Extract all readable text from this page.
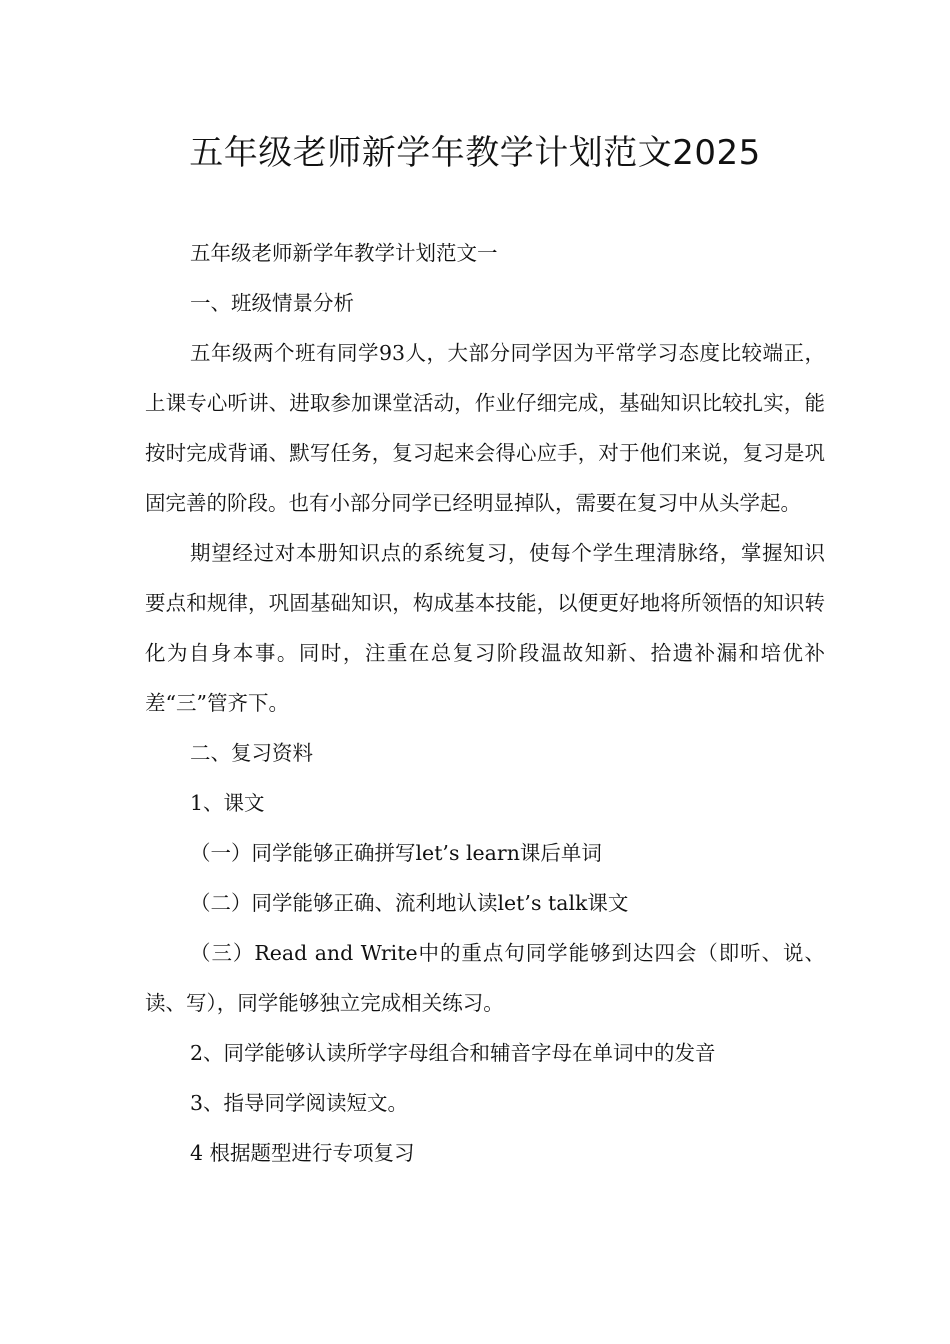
五年级老师新学年教学计划范文2025

五年级老师新学年教学计划范文一

一、班级情景分析

五年级两个班有同学93人，大部分同学因为平常学习态度比较端正，上课专心听讲、进取参加课堂活动，作业仔细完成，基础知识比较扎实，能按时完成背诵、默写任务，复习起来会得心应手，对于他们来说，复习是巩固完善的阶段。也有小部分同学已经明显掉队，需要在复习中从头学起。

期望经过对本册知识点的系统复习，使每个学生理清脉络，掌握知识要点和规律，巩固基础知识，构成基本技能，以便更好地将所领悟的知识转化为自身本事。同时，注重在总复习阶段温故知新、拾遗补漏和培优补差“三”管齐下。

二、复习资料

1、课文

（一）同学能够正确拼写let’s learn课后单词

（二）同学能够正确、流利地认读let’s talk课文

（三）Read and Write中的重点句同学能够到达四会（即听、说、读、写），同学能够独立完成相关练习。

2、同学能够认读所学字母组合和辅音字母在单词中的发音

3、指导同学阅读短文。

4 根据题型进行专项复习
